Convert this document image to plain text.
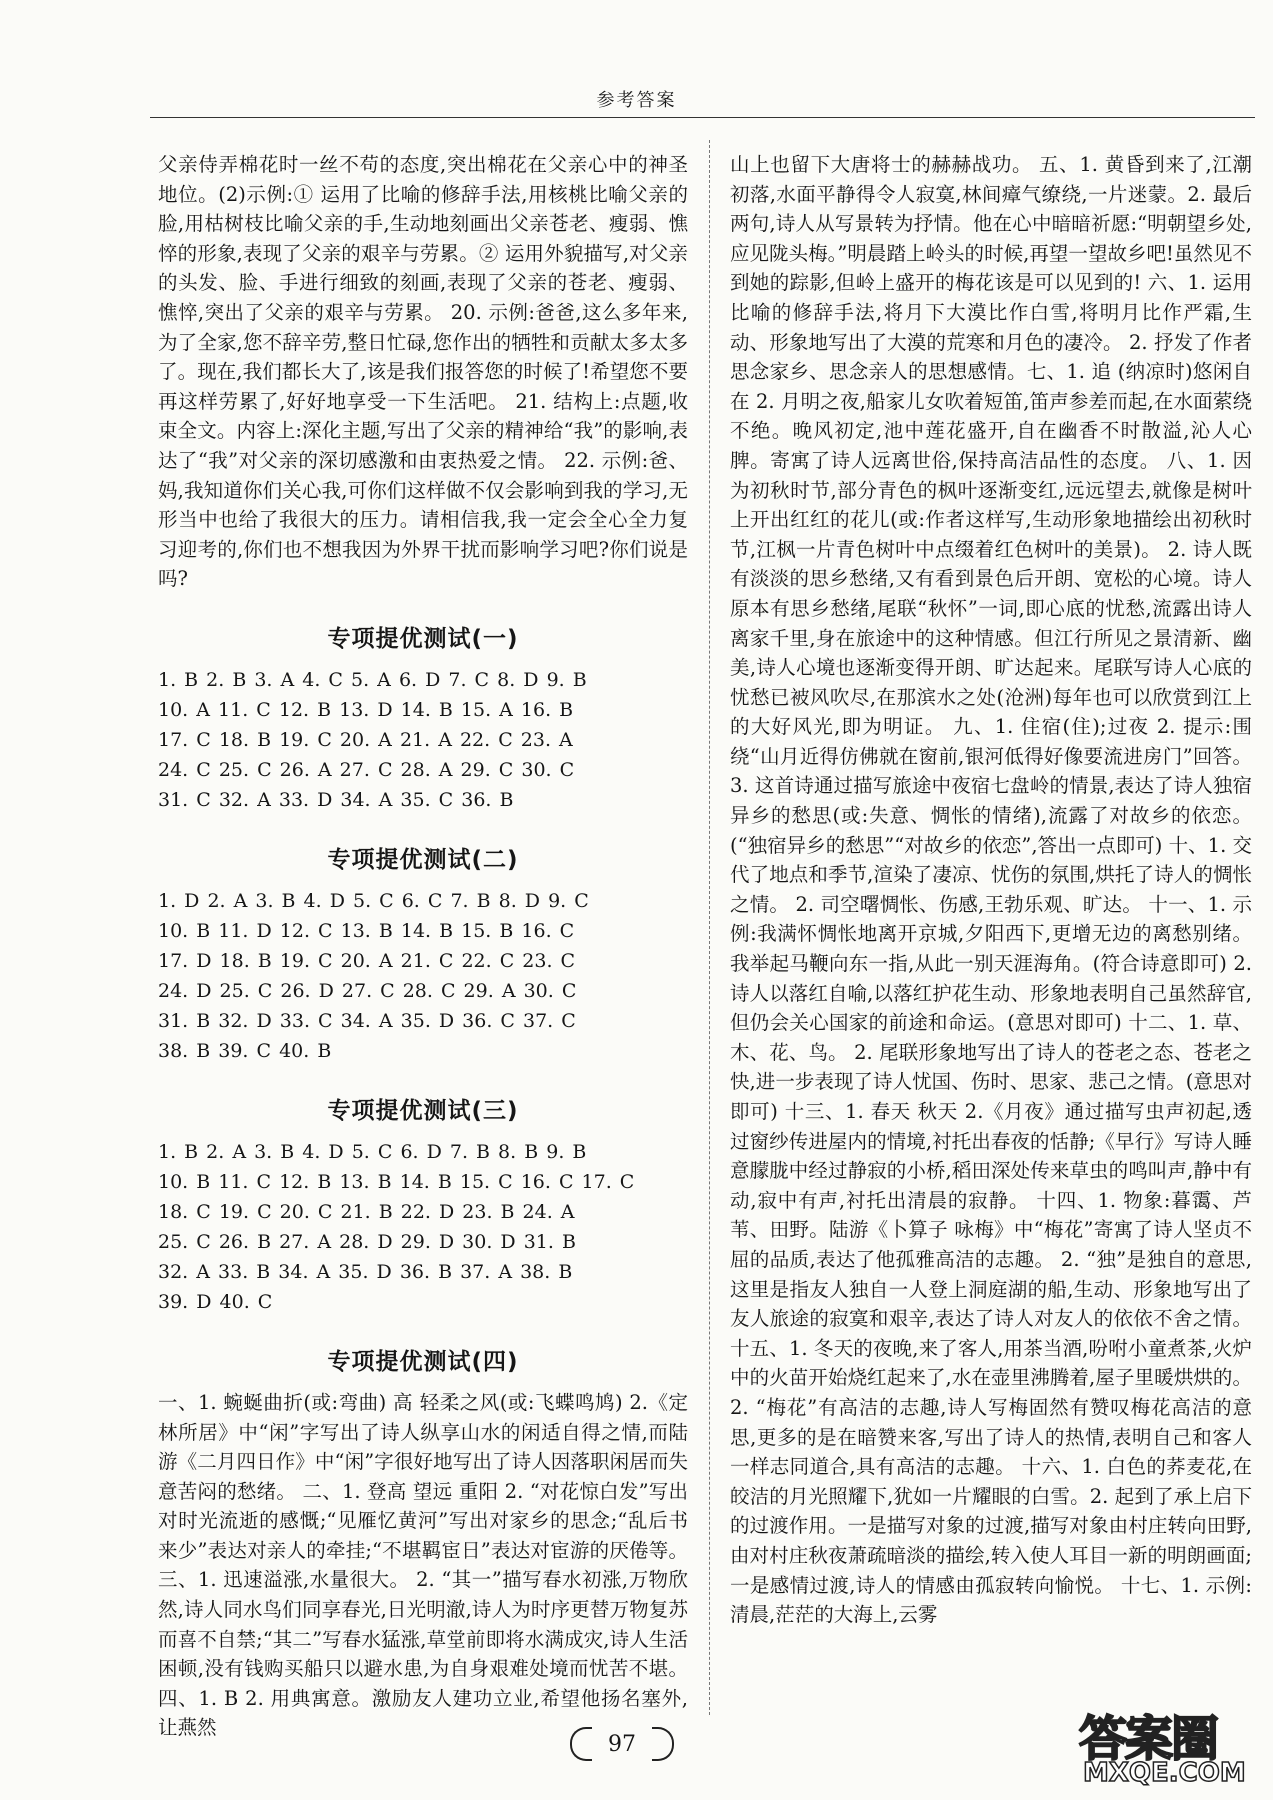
参考答案

父亲侍弄棉花时一丝不苟的态度,突出棉花在父亲心中的神圣地位。(2)示例:① 运用了比喻的修辞手法,用核桃比喻父亲的脸,用枯树枝比喻父亲的手,生动地刻画出父亲苍老、瘦弱、憔悴的形象,表现了父亲的艰辛与劳累。② 运用外貌描写,对父亲的头发、脸、手进行细致的刻画,表现了父亲的苍老、瘦弱、憔悴,突出了父亲的艰辛与劳累。 20. 示例:爸爸,这么多年来,为了全家,您不辞辛劳,整日忙碌,您作出的牺牲和贡献太多太多了。现在,我们都长大了,该是我们报答您的时候了!希望您不要再这样劳累了,好好地享受一下生活吧。 21. 结构上:点题,收束全文。内容上:深化主题,写出了父亲的精神给“我”的影响,表达了“我”对父亲的深切感激和由衷热爱之情。 22. 示例:爸、妈,我知道你们关心我,可你们这样做不仅会影响到我的学习,无形当中也给了我很大的压力。请相信我,我一定会全心全力复习迎考的,你们也不想我因为外界干扰而影响学习吧?你们说是吗?

专项提优测试(一)

1. B 2. B 3. A 4. C 5. A 6. D 7. C 8. D 9. B

10. A 11. C 12. B 13. D 14. B 15. A 16. B

17. C 18. B 19. C 20. A 21. A 22. C 23. A

24. C 25. C 26. A 27. C 28. A 29. C 30. C

31. C 32. A 33. D 34. A 35. C 36. B

专项提优测试(二)

1. D 2. A 3. B 4. D 5. C 6. C 7. B 8. D 9. C

10. B 11. D 12. C 13. B 14. B 15. B 16. C

17. D 18. B 19. C 20. A 21. C 22. C 23. C

24. D 25. C 26. D 27. C 28. C 29. A 30. C

31. B 32. D 33. C 34. A 35. D 36. C 37. C

38. B 39. C 40. B

专项提优测试(三)

1. B 2. A 3. B 4. D 5. C 6. D 7. B 8. B 9. B

10. B 11. C 12. B 13. B 14. B 15. C 16. C 17. C

18. C 19. C 20. C 21. B 22. D 23. B 24. A

25. C 26. B 27. A 28. D 29. D 30. D 31. B

32. A 33. B 34. A 35. D 36. B 37. A 38. B

39. D 40. C

专项提优测试(四)

一、1. 蜿蜒曲折(或:弯曲) 高 轻柔之风(或:飞蝶鸣鸠) 2.《定林所居》中“闲”字写出了诗人纵享山水的闲适自得之情,而陆游《二月四日作》中“闲”字很好地写出了诗人因落职闲居而失意苦闷的愁绪。 二、1. 登高 望远 重阳 2. “对花惊白发”写出对时光流逝的感慨;“见雁忆黄河”写出对家乡的思念;“乱后书来少”表达对亲人的牵挂;“不堪羁宦日”表达对宦游的厌倦等。 三、1. 迅速溢涨,水量很大。 2. “其一”描写春水初涨,万物欣然,诗人同水鸟们同享春光,日光明澈,诗人为时序更替万物复苏而喜不自禁;“其二”写春水猛涨,草堂前即将水满成灾,诗人生活困顿,没有钱购买船只以避水患,为自身艰难处境而忧苦不堪。 四、1. B 2. 用典寓意。激励友人建功立业,希望他扬名塞外,让燕然

山上也留下大唐将士的赫赫战功。 五、1. 黄昏到来了,江潮初落,水面平静得令人寂寞,林间瘴气缭绕,一片迷蒙。2. 最后两句,诗人从写景转为抒情。他在心中暗暗祈愿:“明朝望乡处,应见陇头梅。”明晨踏上岭头的时候,再望一望故乡吧!虽然见不到她的踪影,但岭上盛开的梅花该是可以见到的! 六、1. 运用比喻的修辞手法,将月下大漠比作白雪,将明月比作严霜,生动、形象地写出了大漠的荒寒和月色的凄冷。 2. 抒发了作者思念家乡、思念亲人的思想感情。七、1. 追 (纳凉时)悠闲自在 2. 月明之夜,船家儿女吹着短笛,笛声参差而起,在水面萦绕不绝。晚风初定,池中莲花盛开,自在幽香不时散溢,沁人心脾。寄寓了诗人远离世俗,保持高洁品性的态度。 八、1. 因为初秋时节,部分青色的枫叶逐渐变红,远远望去,就像是树叶上开出红红的花儿(或:作者这样写,生动形象地描绘出初秋时节,江枫一片青色树叶中点缀着红色树叶的美景)。 2. 诗人既有淡淡的思乡愁绪,又有看到景色后开朗、宽松的心境。诗人原本有思乡愁绪,尾联“秋怀”一词,即心底的忧愁,流露出诗人离家千里,身在旅途中的这种情感。但江行所见之景清新、幽美,诗人心境也逐渐变得开朗、旷达起来。尾联写诗人心底的忧愁已被风吹尽,在那滨水之处(沧洲)每年也可以欣赏到江上的大好风光,即为明证。 九、1. 住宿(住);过夜 2. 提示:围绕“山月近得仿佛就在窗前,银河低得好像要流进房门”回答。 3. 这首诗通过描写旅途中夜宿七盘岭的情景,表达了诗人独宿异乡的愁思(或:失意、惆怅的情绪),流露了对故乡的依恋。(“独宿异乡的愁思”“对故乡的依恋”,答出一点即可) 十、1. 交代了地点和季节,渲染了凄凉、忧伤的氛围,烘托了诗人的惆怅之情。 2. 司空曙惆怅、伤感,王勃乐观、旷达。 十一、1. 示例:我满怀惆怅地离开京城,夕阳西下,更增无边的离愁别绪。我举起马鞭向东一指,从此一别天涯海角。(符合诗意即可) 2. 诗人以落红自喻,以落红护花生动、形象地表明自己虽然辞官,但仍会关心国家的前途和命运。(意思对即可) 十二、1. 草、木、花、鸟。 2. 尾联形象地写出了诗人的苍老之态、苍老之快,进一步表现了诗人忧国、伤时、思家、悲己之情。(意思对即可) 十三、1. 春天 秋天 2.《月夜》通过描写虫声初起,透过窗纱传进屋内的情境,衬托出春夜的恬静;《早行》写诗人睡意朦胧中经过静寂的小桥,稻田深处传来草虫的鸣叫声,静中有动,寂中有声,衬托出清晨的寂静。 十四、1. 物象:暮霭、芦苇、田野。陆游《卜算子 咏梅》中“梅花”寄寓了诗人坚贞不屈的品质,表达了他孤雅高洁的志趣。 2. “独”是独自的意思,这里是指友人独自一人登上洞庭湖的船,生动、形象地写出了友人旅途的寂寞和艰辛,表达了诗人对友人的依依不舍之情。十五、1. 冬天的夜晚,来了客人,用茶当酒,吩咐小童煮茶,火炉中的火苗开始烧红起来了,水在壶里沸腾着,屋子里暖烘烘的。 2. “梅花”有高洁的志趣,诗人写梅固然有赞叹梅花高洁的意思,更多的是在暗赞来客,写出了诗人的热情,表明自己和客人一样志同道合,具有高洁的志趣。 十六、1. 白色的荞麦花,在皎洁的月光照耀下,犹如一片耀眼的白雪。2. 起到了承上启下的过渡作用。一是描写对象的过渡,描写对象由村庄转向田野,由对村庄秋夜萧疏暗淡的描绘,转入使人耳目一新的明朗画面;一是感情过渡,诗人的情感由孤寂转向愉悦。 十七、1. 示例:清晨,茫茫的大海上,云雾

97	答案圈
MXQE.COM
